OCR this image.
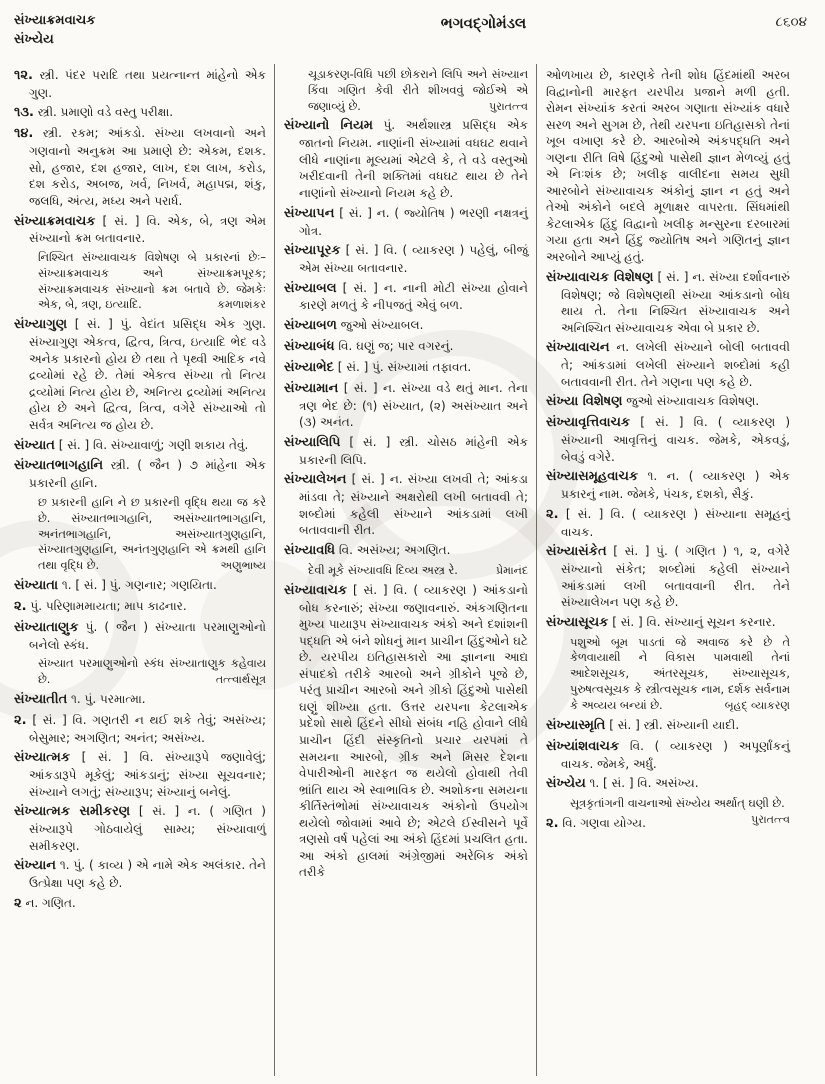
સંખ્યાક્રમવાચક
સંખ્યેય
ભગવદ્ગોમંડલ	૮૬૦૪

૧૨. સ્ત્રી. પંદર પરાદિ તથા પ્રયત્નાન્ત માંહેનો એક ગુણ.

૧૩. સ્ત્રી. પ્રમાણો વડે વસ્તુ પરીક્ષા.

૧૪. સ્ત્રી. રકમ; આંકડો. સંખ્યા લખવાનો અને ગણવાનો અનુક્રમ આ પ્રમાણે છે: એકમ, દશક. સો, હજાર, દશ હજાર, લાખ, દશ લાખ, કરોડ, દશ કરોડ, અબજ, ખર્વ, નિખર્વ, મહાપદ્મ, શંકુ, જલધિ, અંત્ય, મધ્ય અને પરાર્ધ.

સંખ્યાક્રમવાચક [ સં. ] વિ. એક, બે, ત્રણ એમ સંખ્યાનો ક્રમ બતાવનાર.

નિશ્ચિત સંખ્યાવાચક વિશેષણ બે પ્રકારનાં છેઃ– સંખ્યાક્રમવાચક અને સંખ્યાક્રમપૂરક; સંખ્યાક્રમવાચક સંખ્યાનો ક્રમ બતાવે છે. જેમકેઃ એક, બે, ત્રણ, ઇત્યાદિ.	કમળાશંકર

સંખ્યાગુણ [ સં. ] પું. વેદાંત પ્રસિદ્ધ એક ગુણ. સંખ્યાગુણ એકત્વ, દ્વિત્વ, ત્રિત્વ, ઇત્યાદિ ભેદ વડે અનેક પ્રકારનો હોય છે તથા તે પૃથ્વી આદિક નવે દ્રવ્યોમાં રહે છે. તેમાં એકત્વ સંખ્યા તો નિત્ય દ્રવ્યોમાં નિત્ય હોય છે, અનિત્ય દ્રવ્યોમાં અનિત્ય હોય છે અને દ્વિત્વ, ત્રિત્વ, વગેરે સંખ્યાઓ તો સર્વત્ર અનિત્ય જ હોય છે.

સંખ્યાત [ સં. ] વિ. સંખ્યાવાળું; ગણી શકાય તેવું.

સંખ્યાતભાગહાનિ સ્ત્રી. ( જૈન ) ૭ માંહેના એક પ્રકારની હાનિ.

છ પ્રકારની હાનિ ને છ પ્રકારની વૃદ્ધિ થયા જ કરે છે. સંખ્યાતભાગહાનિ, અસંખ્યાતભાગહાનિ, અનંતભાગહાનિ, અસંખ્યાતગુણહાનિ, સંખ્યાતગુણહાનિ, અનંતગુણહાનિ એ ક્રમથી હાનિ તથા વૃદ્ધિ છે.	અણુભાષ્ય

સંખ્યાતા ૧. [ સં. ] પું. ગણનાર; ગણયિતા.

૨. પું. પરિણામમાયતા; માપ કાઢનાર.

સંખ્યાતાણુક પું. ( જૈન ) સંખ્યાતા પરમાણુઓનો બનેલો સ્કંધ.

સંખ્યાત પરમાણુઓનો સ્કંધ સંખ્યાતાણુક કહેવાય છે.	તત્ત્વાર્થસૂત્ર

સંખ્યાતીત ૧. પું. પરમાત્મા.

૨. [ સં. ] વિ. ગણતરી ન થઈ શકે તેવું; અસંખ્ય; બેસુમાર; અગણિત; અનંત; અસંખ્ય.

સંખ્યાત્મક [ સં. ] વિ. સંખ્યારૂપે જણાવેલું; આંકડારૂપે મૂકેલું; આંકડાનું; સંખ્યા સૂચવનાર; સંખ્યાને લગતું; સંખ્યારૂપ; સંખ્યાનું બનેલું.

સંખ્યાત્મક સમીકરણ [ સં. ] ન. ( ગણિત ) સંખ્યારૂપે ગોઠવાયેલું સામ્ય; સંખ્યાવાળું સમીકરણ.

સંખ્યાન ૧. પું. ( કાવ્ય ) એ નામે એક અલંકાર. તેને ઉત્પ્રેક્ષા પણ કહે છે.

૨ ન. ગણિત.

ચૂડાકરણ-વિધિ પછી છોકરાને લિપિ અને સંખ્યાન કિંવા ગણિત કેવી રીતે શીખવવું જોઈએ એ જણાવ્યું છે.	પુરાતત્ત્વ

સંખ્યાનો નિયમ પું. અર્થશાસ્ત્ર પ્રસિદ્ધ એક જાતનો નિયમ. નાણાંની સંખ્યામાં વધઘટ થવાને લીધે નાણાંના મૂલ્યમાં એટલે કે, તે વડે વસ્તુઓ ખરીદવાની તેની શક્તિમાં વધઘટ થાય છે તેને નાણાંનો સંખ્યાનો નિયમ કહે છે.

સંખ્યાપન [ સં. ] ન. ( જ્યોતિષ ) ભરણી નક્ષત્રનું ગોત્ર.

સંખ્યાપૂરક [ સં. ] વિ. ( વ્યાકરણ ) પહેલું, બીજું એમ સંખ્યા બતાવનાર.

સંખ્યાબલ [ સં. ] ન. નાની મોટી સંખ્યા હોવાને કારણે મળતું કે નીપજતું એવું બળ.

સંખ્યાબળ જુઓ સંખ્યાબલ.

સંખ્યાબંધ વિ. ઘણું જ; પાર વગરનું.

સંખ્યાભેદ [ સં. ] પું. સંખ્યામાં તફાવત.

સંખ્યામાન [ સં. ] ન. સંખ્યા વડે થતું માન. તેના ત્રણ ભેદ છે: (૧) સંખ્યાત, (૨) અસંખ્યાત અને (૩) અનંત.

સંખ્યાલિપિ [ સં. ] સ્ત્રી. ચોસઠ માંહેની એક પ્રકારની લિપિ.

સંખ્યાલેખન [ સં. ] ન. સંખ્યા લખવી તે; આંકડા માંડવા તે; સંખ્યાને અક્ષરોથી લખી બતાવવી તે; શબ્દોમાં કહેલી સંખ્યાને આંકડામાં લખી બતાવવાની રીત.

સંખ્યાવધિ વિ. અસંખ્ય; અગણિત.

દેવી મૂકે સંખ્યાવધિ દિવ્ય અસ્ત્ર રે.	પ્રેમાનંદ

સંખ્યાવાચક [ સં. ] વિ. ( વ્યાકરણ ) આંકડાનો બોધ કરનારું; સંખ્યા જણાવનારું. અંકગણિતના મુખ્ય પાયારૂપ સંખ્યાવાચક અંકો અને દશાંશની પદ્ધતિ એ બંને શોધનું માન પ્રાચીન હિંદુઓને ઘટે છે. યરપીય ઇતિહાસકારો આ જ્ઞાનના આદ્ય સંપાદકો તરીકે આરબો અને ગ્રીકોને પૂજે છે, પરંતુ પ્રાચીન આરબો અને ગ્રીકો હિંદુઓ પાસેથી ઘણું શીખ્યા હતા. ઉત્તર યરપના કેટલાએક પ્રદેશો સાથે હિંદને સીધો સંબંધ નહિ હોવાને લીધે પ્રાચીન હિંદી સંસ્કૃતિનો પ્રચાર યરપમાં તે સમયના આરબો, ગ્રીક અને મિસર દેશના વેપારીઓની મારફત જ થયેલો હોવાથી તેવી ભ્રાંતિ થાય એ સ્વાભાવિક છે. અશોકના સમયના કીર્તિસ્તંભોમાં સંખ્યાવાચક અંકોનો ઉપયોગ થયેલો જોવામાં આવે છે; એટલે ઈસ્વીસને પૂર્વે ત્રણસો વર્ષ પહેલાં આ અંકો હિંદમાં પ્રચલિત હતા. આ અંકો હાલમાં અંગ્રેજીમાં અરેબિક અંકો તરીકે

ઓળખાય છે, કારણકે તેની શોધ હિંદમાંથી અરબ વિદ્વાનોની મારફત યરપીય પ્રજાને મળી હતી. રોમન સંખ્યાંક કરતાં અરબ ગણાતા સંખ્યાંક વધારે સરળ અને સુગમ છે, તેથી યરપના ઇતિહાસકો તેનાં ખૂબ વખાણ કરે છે. આરબોએ અંકપદ્ધતિ અને ગણના રીતિ વિષે હિંદુઓ પાસેથી જ્ઞાન મેળવ્યું હતું એ નિઃશંક છે; ખલીફ વાલીદના સમય સુધી આરબોને સંખ્યાવાચક અંકોનું જ્ઞાન ન હતું અને તેઓ અંકોને બદલે મૂળાક્ષર વાપરતા. સિંધમાંથી કેટલાએક હિંદુ વિદ્વાનો ખલીફ મન્સુરના દરબારમાં ગયા હતા અને હિંદુ જ્યોતિષ અને ગણિતનું જ્ઞાન અરબોને આપ્યું હતું.

સંખ્યાવાચક વિશેષણ [ સં. ] ન. સંખ્યા દર્શાવનારું વિશેષણ; જે વિશેષણથી સંખ્યા આંકડાનો બોધ થાય તે. તેના નિશ્ચિત સંખ્યાવાચક અને અનિશ્ચિત સંખ્યાવાચક એવા બે પ્રકાર છે.

સંખ્યાવાચન ન. લખેલી સંખ્યાને બોલી બતાવવી તે; આંકડામાં લખેલી સંખ્યાને શબ્દોમાં કહી બતાવવાની રીત. તેને ગણના પણ કહે છે.

સંખ્યા વિશેષણ જુઓ સંખ્યાવાચક વિશેષણ.

સંખ્યાવૃત્તિવાચક [ સં. ] વિ. ( વ્યાકરણ ) સંખ્યાની આવૃત્તિનું વાચક. જેમકે, એકવડું, બેવડું વગેરે.

સંખ્યાસમૂહવાચક ૧. ન. ( વ્યાકરણ ) એક પ્રકારનું નામ. જેમકે, પંચક, દશકો, સૈકું.

૨. [ સં. ] વિ. ( વ્યાકરણ ) સંખ્યાના સમૂહનું વાચક.

સંખ્યાસંકેત [ સં. ] પું. ( ગણિત ) ૧, ૨, વગેરે સંખ્યાનો સંકેત; શબ્દોમાં કહેલી સંખ્યાને આંકડામાં લખી બતાવવાની રીત. તેને સંખ્યાલેખન પણ કહે છે.

સંખ્યાસૂચક [ સં. ] વિ. સંખ્યાનું સૂચન કરનાર.

પશુઓ બૂમ પાડતાં જે અવાજ કરે છે તે કેળવાયાથી ને વિકાસ પામવાથી તેનાં આદેશસૂચક, અંતરસૂચક, સંખ્યાસૂચક, પુરુષત્વસૂચક કે સ્ત્રીત્વસૂચક નામ, દર્શક સર્વનામ કે અવ્યય બન્યાં છે.	બૃહદ્ વ્યાકરણ

સંખ્યાસ્મૃતિ [ સં. ] સ્ત્રી. સંખ્યાની યાદી.

સંખ્યાંશવાચક વિ. ( વ્યાકરણ ) અપૂર્ણાંકનું વાચક. જેમકે, અર્ધું.

સંખ્યેય ૧. [ સં. ] વિ. અસંખ્ય.

સૂત્રકૃતાંગની વાચનાઓ સંખ્યેય અર્થાત્ ઘણી છે.
પુરાતત્ત્વ

૨. વિ. ગણવા યોગ્ય.
